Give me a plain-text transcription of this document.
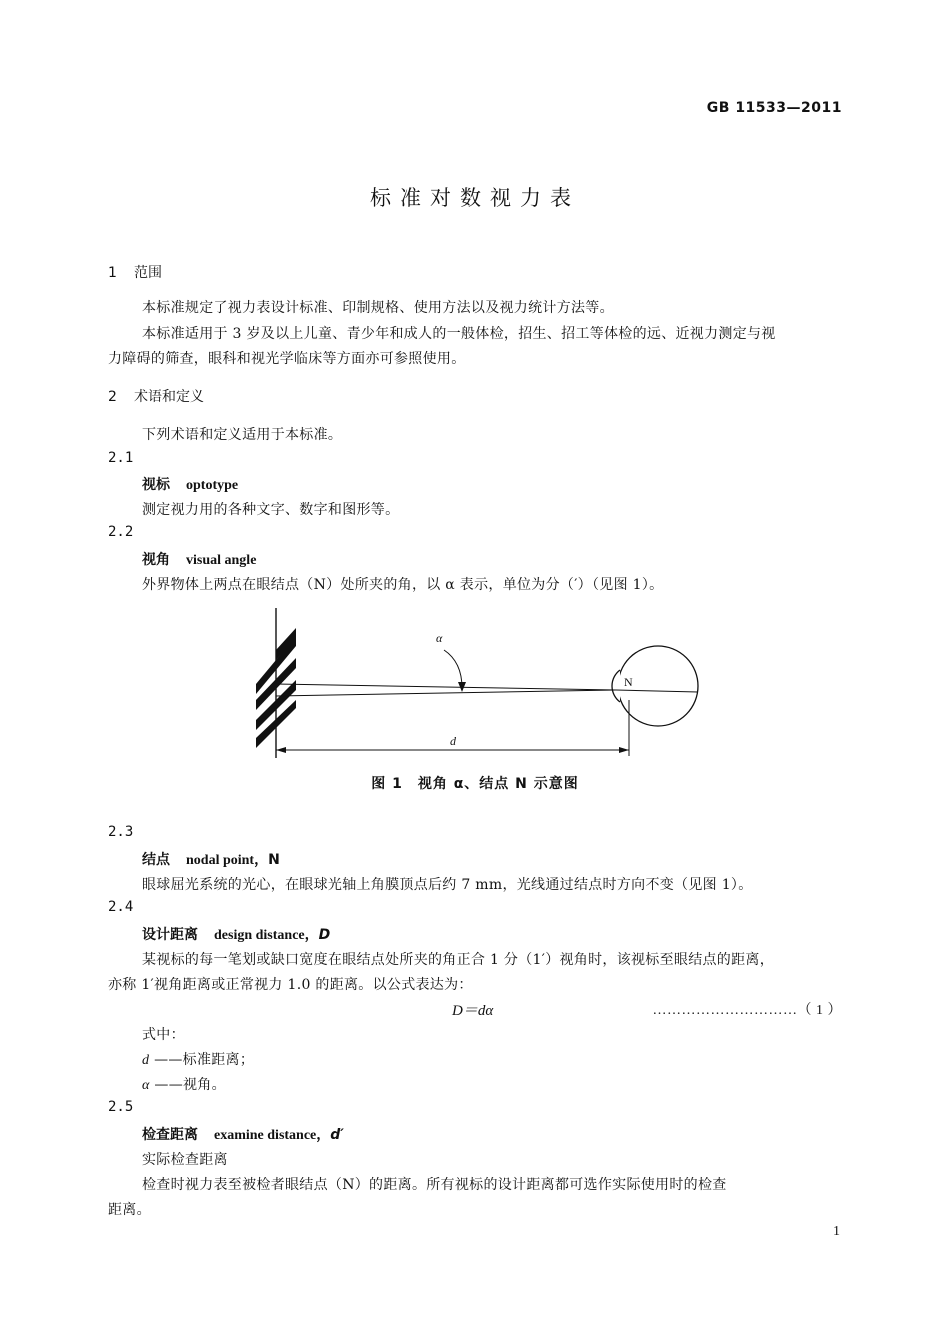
GB 11533—2011
标准对数视力表
1 范围
本标准规定了视力表设计标准、印制规格、使用方法以及视力统计方法等。
本标准适用于 3 岁及以上儿童、青少年和成人的一般体检，招生、招工等体检的远、近视力测定与视
力障碍的筛查，眼科和视光学临床等方面亦可参照使用。
2 术语和定义
下列术语和定义适用于本标准。
2.1
视标 optotype
测定视力用的各种文字、数字和图形等。
2.2
视角 visual angle
外界物体上两点在眼结点（N）处所夹的角，以 α 表示，单位为分（′）（见图 1）。
α
N
d
图 1　视角 α、结点 N 示意图
2.3
结点 nodal point，N
眼球屈光系统的光心，在眼球光轴上角膜顶点后约 7 mm，光线通过结点时方向不变（见图 1）。
2.4
设计距离 design distance，D
某视标的每一笔划或缺口宽度在眼结点处所夹的角正合 1 分（1′）视角时，该视标至眼结点的距离，
亦称 1′视角距离或正常视力 1.0 的距离。以公式表达为：
D＝dα	…………………………（ 1 ）
式中：
d ——标准距离；
α ——视角。
2.5
检查距离 examine distance，d′
实际检查距离
检查时视力表至被检者眼结点（N）的距离。所有视标的设计距离都可选作实际使用时的检查
距离。
1
